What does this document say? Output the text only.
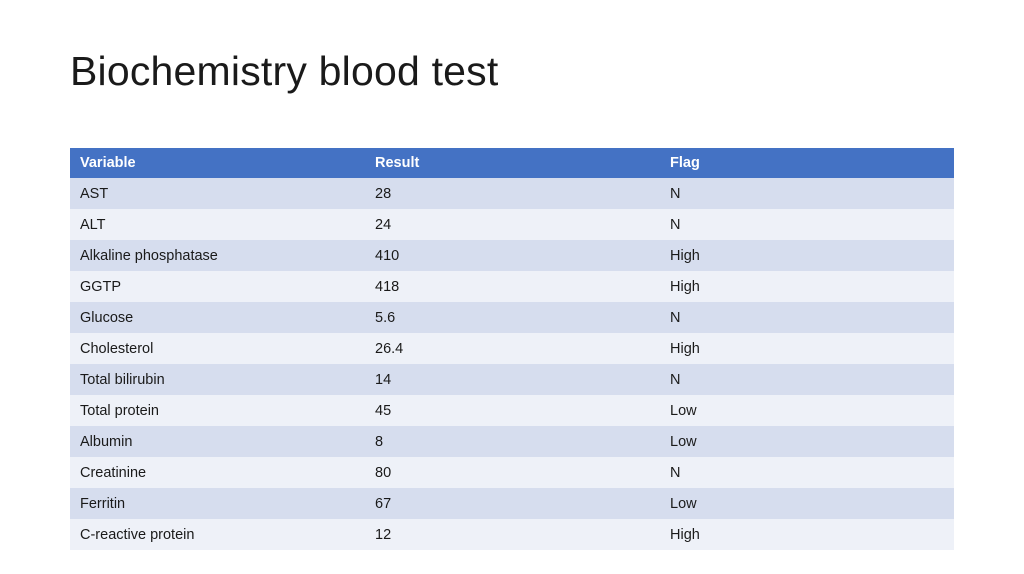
Biochemistry blood test
Variable	Result	Flag
AST	28	N
ALT	24	N
Alkaline phosphatase	410	High
GGTP	418	High
Glucose	5.6	N
Cholesterol	26.4	High
Total bilirubin	14	N
Total protein	45	Low
Albumin	8	Low
Creatinine	80	N
Ferritin	67	Low
C-reactive protein	12	High
